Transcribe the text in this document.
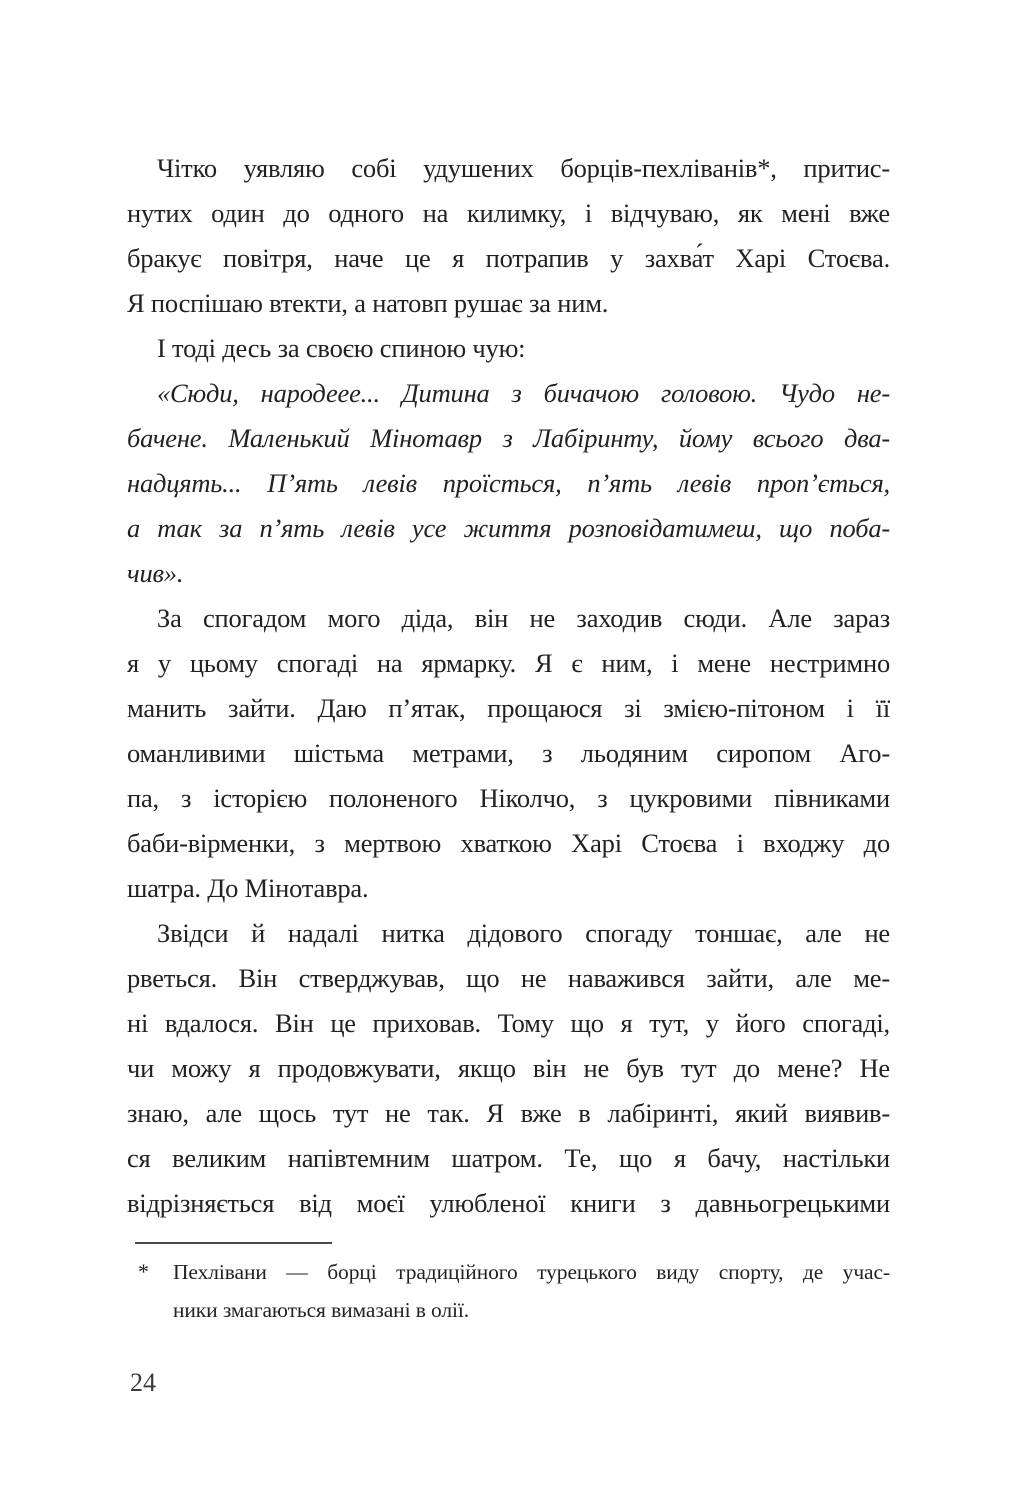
Чітко уявляю собі удушених борців-пехліванів*, притис-
нутих один до одного на килимку, і відчуваю, як мені вже
бракує повітря, наче це я потрапив у захва́т Харі Стоєва.
Я поспішаю втекти, а натовп рушає за ним.
І тоді десь за своєю спиною чую:
«Сюди, народеее... Дитина з бичачою головою. Чудо не-
бачене. Маленький Мінотавр з Лабіринту, йому всього два-
надцять... П’ять левів проїсться, п’ять левів проп’ється,
а так за п’ять левів усе життя розповідатимеш, що поба-
чив».
За спогадом мого діда, він не заходив сюди. Але зараз
я у цьому спогаді на ярмарку. Я є ним, і мене нестримно
манить зайти. Даю п’ятак, прощаюся зі змією-пітоном і її
оманливими шістьма метрами, з льодяним сиропом Аго-
па, з історією полоненого Ніколчо, з цукровими півниками
баби-вірменки, з мертвою хваткою Харі Стоєва і входжу до
шатра. До Мінотавра.
Звідси й надалі нитка дідового спогаду тоншає, але не
рветься. Він стверджував, що не наважився зайти, але ме-
ні вдалося. Він це приховав. Тому що я тут, у його спогаді,
чи можу я продовжувати, якщо він не був тут до мене? Не
знаю, але щось тут не так. Я вже в лабіринті, який виявив-
ся великим напівтемним шатром. Те, що я бачу, настільки
відрізняється від моєї улюбленої книги з давньогрецькими
*	Пехлівани — борці традиційного турецького виду спорту, де учас-
ники змагаються вимазані в олії.
24
